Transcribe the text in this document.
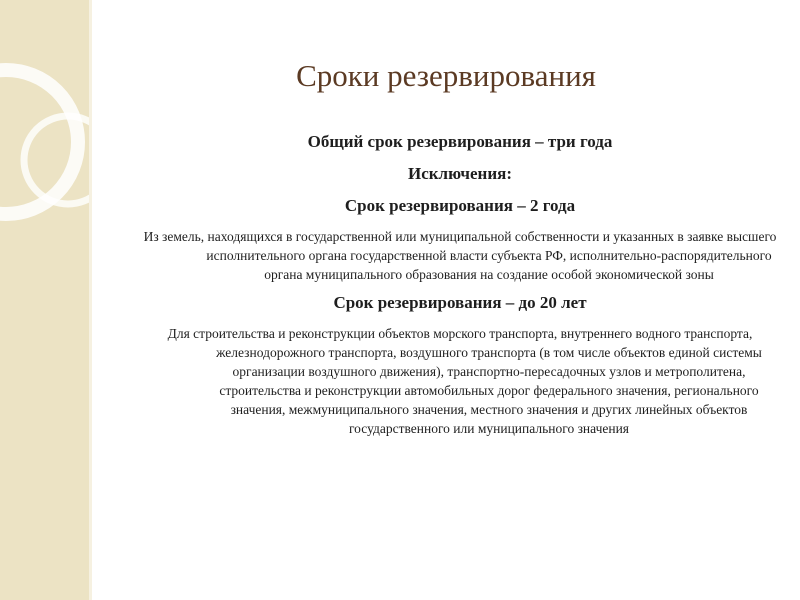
Сроки резервирования

Общий срок резервирования – три года

Исключения:

Срок резервирования – 2 года

Из земель, находящихся в государственной или муниципальной собственности и указанных в заявке высшего исполнительного органа государственной власти субъекта РФ, исполнительно-распорядительного органа муниципального образования на создание особой экономической зоны

Срок резервирования – до 20 лет

Для строительства и реконструкции объектов морского транспорта, внутреннего водного транспорта, железнодорожного транспорта, воздушного транспорта (в том числе объектов единой системы организации воздушного движения), транспортно-пересадочных узлов и метрополитена, строительства и реконструкции автомобильных дорог федерального значения, регионального значения, межмуниципального значения, местного значения и других линейных объектов государственного или муниципального значения
